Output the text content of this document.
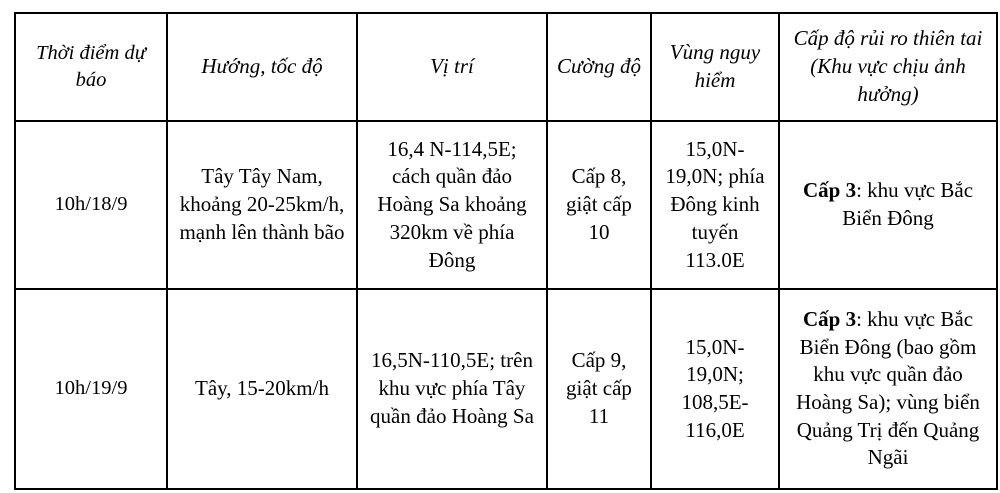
Thời điểm dự báo	Hướng, tốc độ	Vị trí	Cường độ	Vùng nguy hiểm	Cấp độ rủi ro thiên tai (Khu vực chịu ảnh hưởng)
10h/18/9	Tây Tây Nam, khoảng 20-25km/h, mạnh lên thành bão	16,4 N-114,5E; cách quần đảo Hoàng Sa khoảng 320km về phía Đông	Cấp 8, giật cấp 10	15,0N-19,0N; phía Đông kinh tuyến 113.0E	Cấp 3: khu vực Bắc Biển Đông
10h/19/9	Tây, 15-20km/h	16,5N-110,5E; trên khu vực phía Tây quần đảo Hoàng Sa	Cấp 9, giật cấp 11	15,0N-19,0N; 108,5E-116,0E	Cấp 3: khu vực Bắc Biển Đông (bao gồm khu vực quần đảo Hoàng Sa); vùng biển Quảng Trị đến Quảng Ngãi
